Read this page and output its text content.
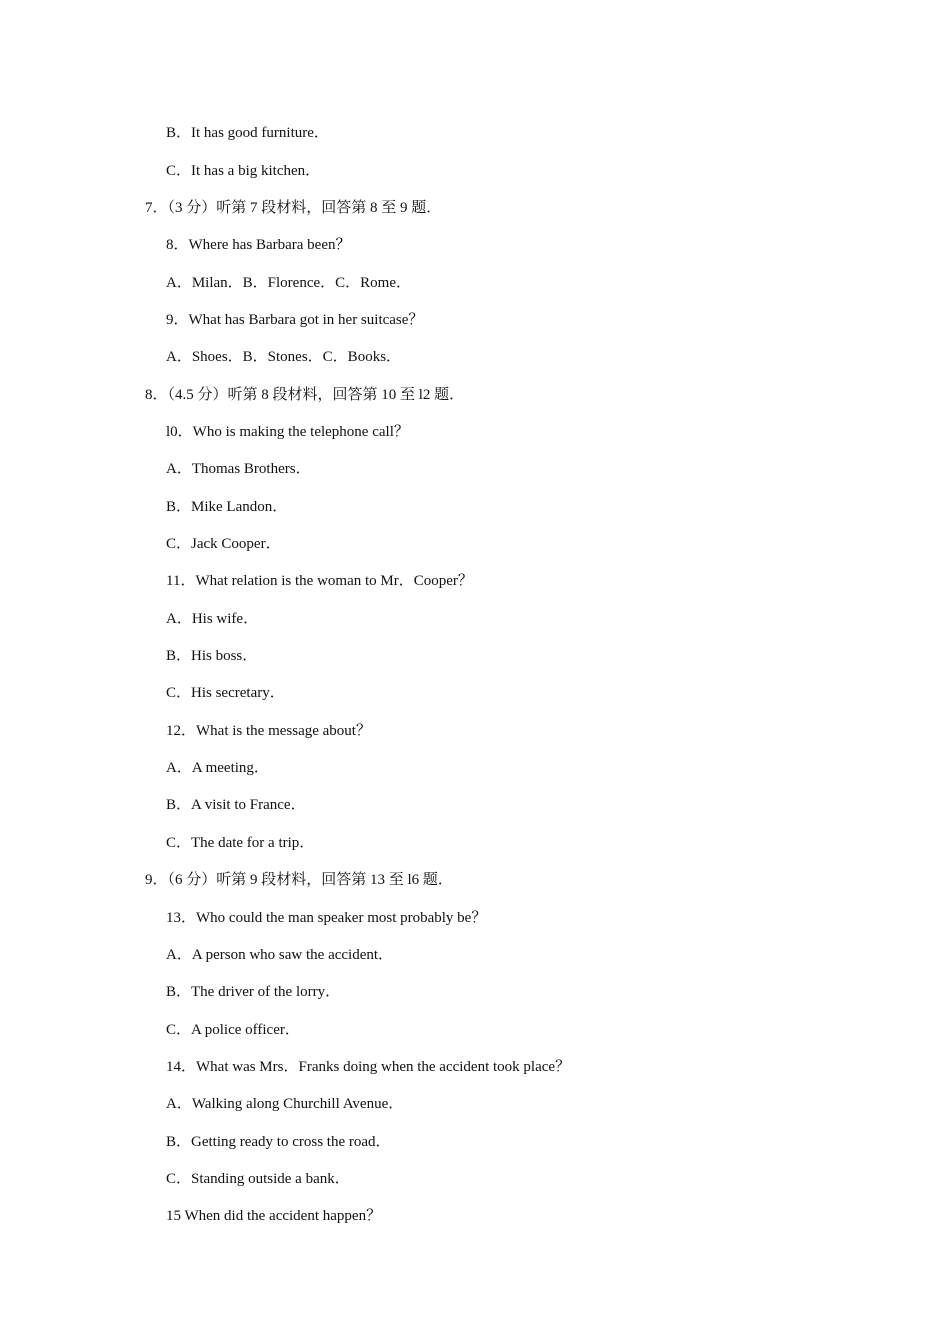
B．It has good furniture．
C．It has a big kitchen．
7．（3 分）听第 7 段材料，回答第 8 至 9 题．
8．Where has Barbara been？
A．Milan．B．Florence．C．Rome．
9．What has Barbara got in her suitcase？
A．Shoes．B．Stones．C．Books．
8．（4.5 分）听第 8 段材料，回答第 10 至 l2 题．
l0．Who is making the telephone call？
A．Thomas Brothers．
B．Mike Landon．
C．Jack Cooper．
11．What relation is the woman to Mr．Cooper？
A．His wife．
B．His boss．
C．His secretary．
12．What is the message about？
A．A meeting．
B．A visit to France．
C．The date for a trip．
9．（6 分）听第 9 段材料，回答第 13 至 l6 题．
13．Who could the man speaker most probably be？
A．A person who saw the accident．
B．The driver of the lorry．
C．A police officer．
14．What was Mrs．Franks doing when the accident took place？
A．Walking along Churchill Avenue．
B．Getting ready to cross the road．
C．Standing outside a bank．
15 When did the accident happen？
